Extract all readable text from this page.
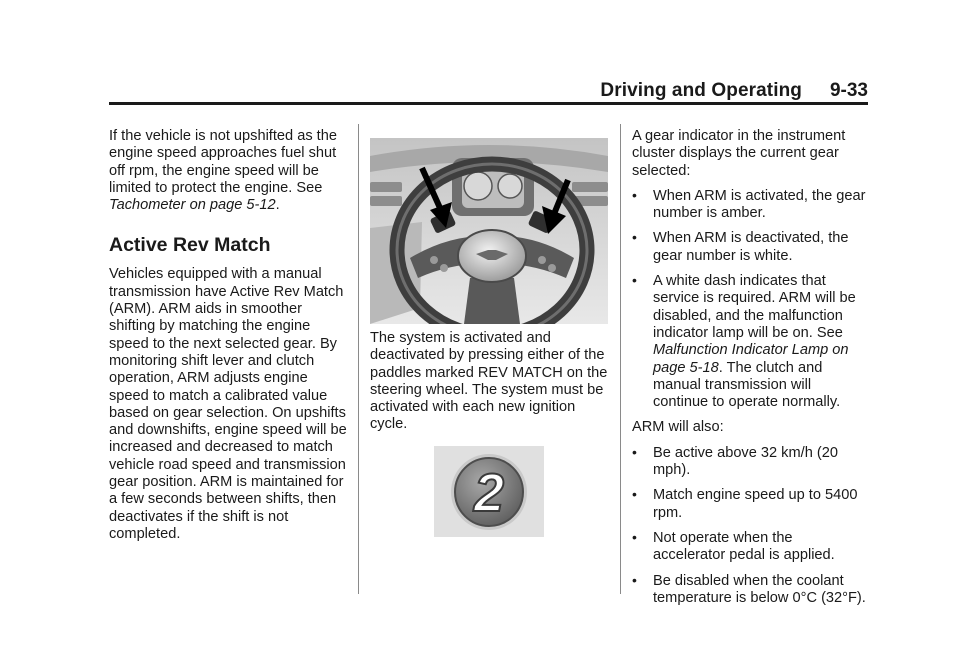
Driving and Operating 9-33

If the vehicle is not upshifted as the engine speed approaches fuel shut off rpm, the engine speed will be limited to protect the engine. See Tachometer on page 5-12.

Active Rev Match

Vehicles equipped with a manual transmission have Active Rev Match (ARM). ARM aids in smoother shifting by matching the engine speed to the next selected gear. By monitoring shift lever and clutch operation, ARM adjusts engine speed to match a calibrated value based on gear selection. On upshifts and downshifts, engine speed will be increased and decreased to match vehicle road speed and transmission gear position. ARM is maintained for a few seconds between shifts, then deactivates if the shift is not completed.

The system is activated and deactivated by pressing either of the paddles marked REV MATCH on the steering wheel. The system must be activated with each new ignition cycle.

2

A gear indicator in the instrument cluster displays the current gear selected:

• When ARM is activated, the gear number is amber.
• When ARM is deactivated, the gear number is white.
• A white dash indicates that service is required. ARM will be disabled, and the malfunction indicator lamp will be on. See Malfunction Indicator Lamp on page 5-18. The clutch and manual transmission will continue to operate normally.

ARM will also:

• Be active above 32 km/h (20 mph).
• Match engine speed up to 5400 rpm.
• Not operate when the accelerator pedal is applied.
• Be disabled when the coolant temperature is below 0°C (32°F).
